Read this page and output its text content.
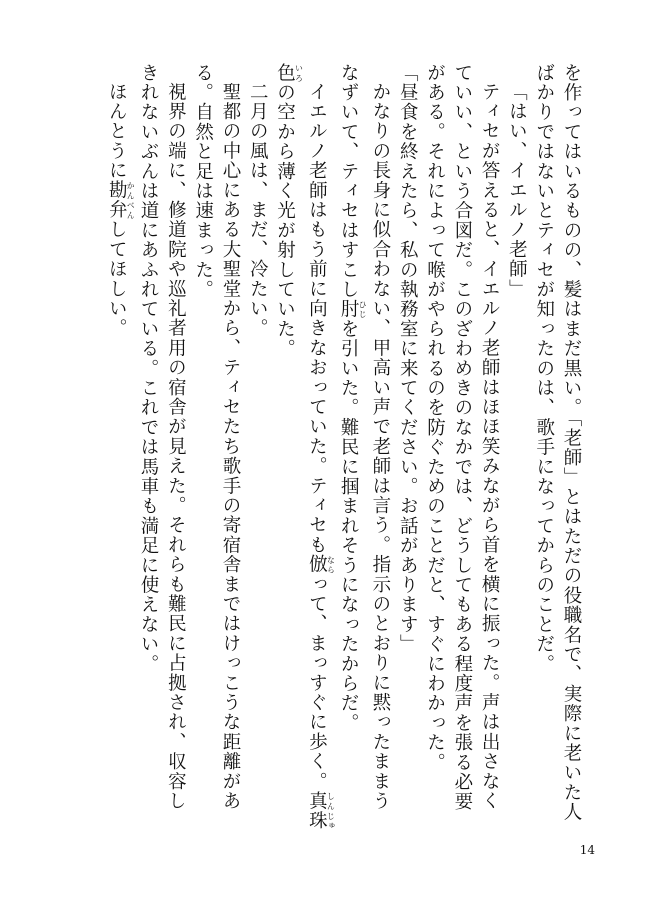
を作ってはいるものの、髪はまだ黒い。「老師」とはただの役職名で、実際に老いた人
ばかりではないとティセが知ったのは、歌手になってからのことだ。
「はい、イエルノ老師」
ティセが答えると、イエルノ老師はほほ笑みながら首を横に振った。声は出さなく
ていい、という合図だ。このざわめきのなかでは、どうしてもある程度声を張る必要
がある。それによって喉がやられるのを防ぐためのことだと、すぐにわかった。
「昼食を終えたら、私の執務室に来てください。お話があります」
かなりの長身に似合わない、甲高い声で老師は言う。指示のとおりに黙ったままう
なずいて、ティセはすこし肘 ひじを引いた。難民に掴まれそうになったからだ。
イエルノ老師はもう前に向きなおっていた。ティセも倣 ならって、まっすぐに歩く。真珠 しんじゅ
色 いろの空から薄く光が射していた。
二月の風は、まだ、冷たい。
聖都の中心にある大聖堂から、ティセたち歌手の寄宿舎まではけっこうな距離があ
る。自然と足は速まった。
視界の端に、修道院や巡礼者用の宿舎が見えた。それらも難民に占拠され、収容し
きれないぶんは道にあふれている。これでは馬車も満足に使えない。
ほんとうに勘弁 かんべんしてほしい。
14
